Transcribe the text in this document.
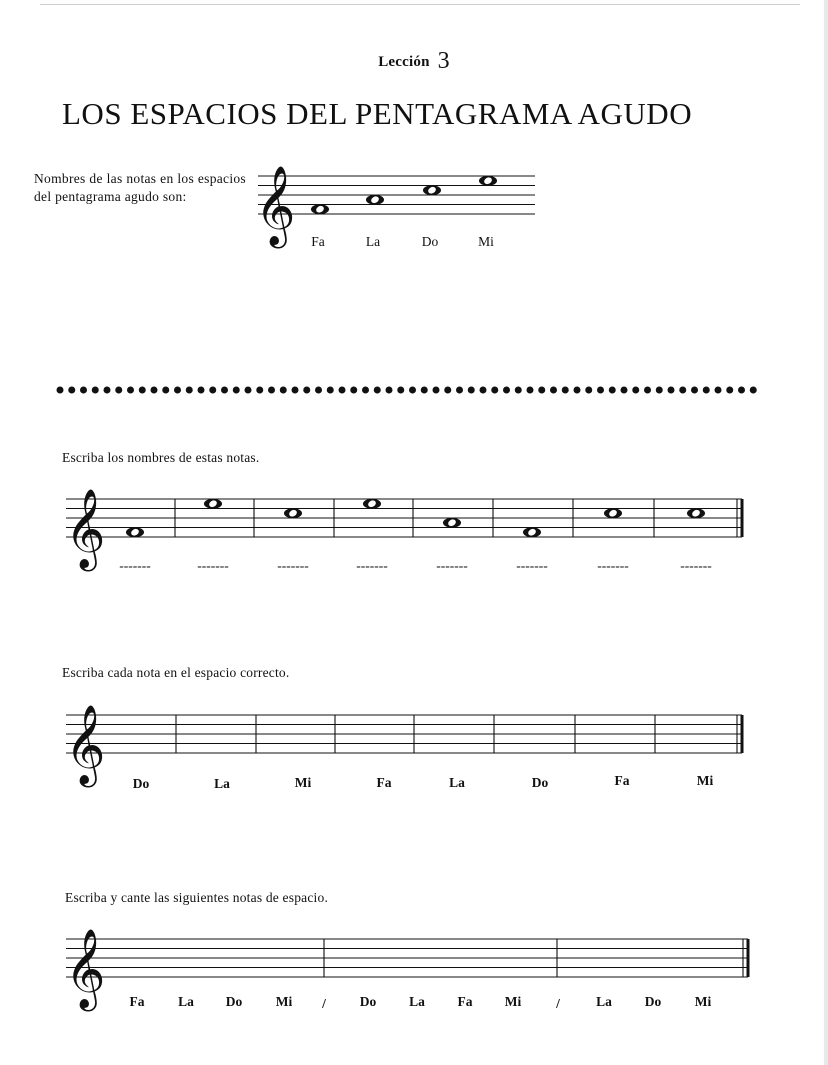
Lección 3
LOS ESPACIOS DEL PENTAGRAMA AGUDO
Nombres de las notas en los espacios del pentagrama agudo son:	𝄞 Fa	La	Do	Mi
Escriba los nombres de estas notas.
𝄞 -------	-------	-------	-------	-------	-------	-------	-------
Escriba cada nota en el espacio correcto.
𝄞 Do	La	Mi	Fa	La	Do	Fa	Mi
Escriba y cante las siguientes notas de espacio.
𝄞 Fa La Do Mi /	Do La Fa Mi	/	La Do Mi
